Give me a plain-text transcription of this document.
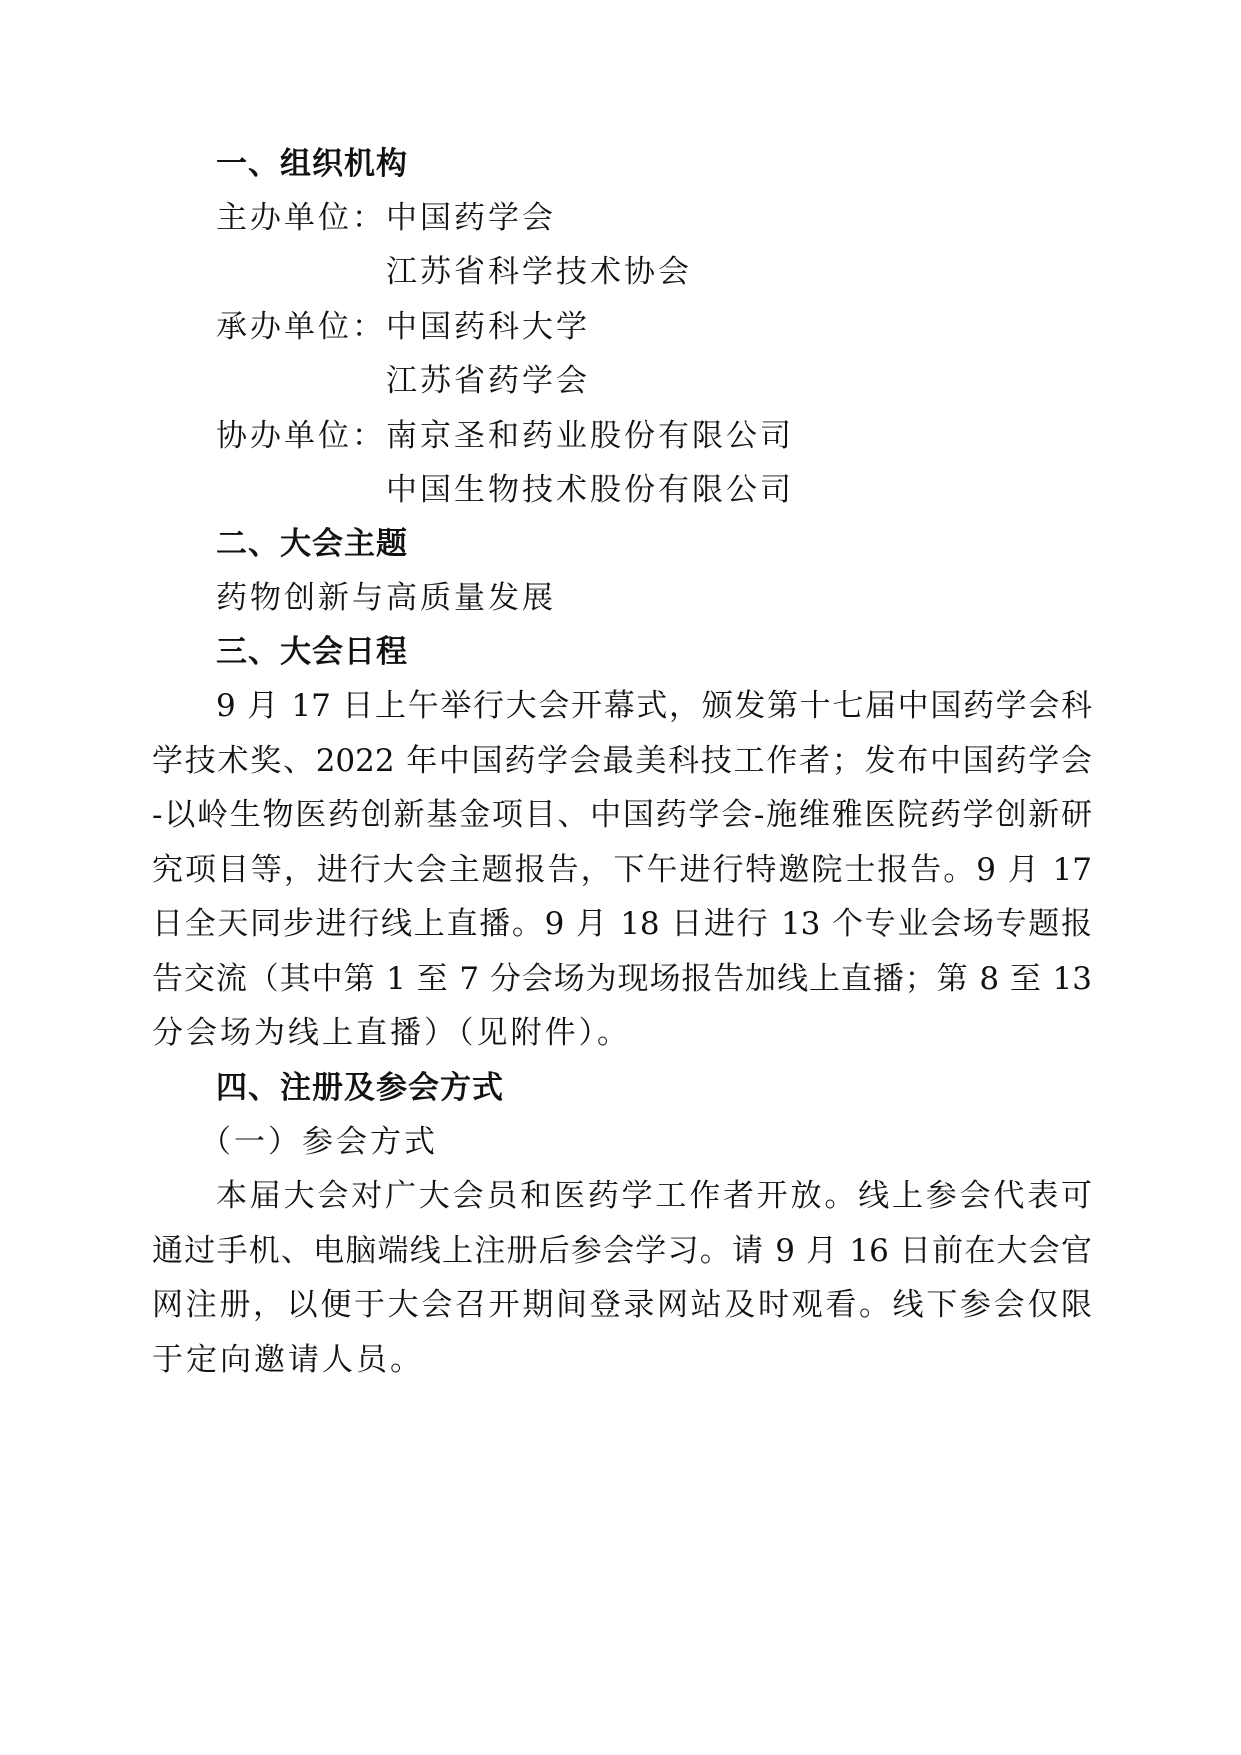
一、组织机构
主办单位： 中国药学会
江苏省科学技术协会
承办单位： 中国药科大学
江苏省药学会
协办单位： 南京圣和药业股份有限公司
中国生物技术股份有限公司
二、大会主题
药物创新与高质量发展
三、大会日程
9 月 17 日上午举行大会开幕式，颁发第十七届中国药学会科
学技术奖、2022 年中国药学会最美科技工作者；发布中国药学会
-以岭生物医药创新基金项目、中国药学会-施维雅医院药学创新研
究项目等，进行大会主题报告，下午进行特邀院士报告。9 月 17
日全天同步进行线上直播。9 月 18 日进行 13 个专业会场专题报
告交流（其中第 1 至 7 分会场为现场报告加线上直播；第 8 至 13
分会场为线上直播）（见附件）。
四、注册及参会方式
（一）参会方式
本届大会对广大会员和医药学工作者开放。线上参会代表可
通过手机、电脑端线上注册后参会学习。请 9 月 16 日前在大会官
网注册，以便于大会召开期间登录网站及时观看。线下参会仅限
于定向邀请人员。
